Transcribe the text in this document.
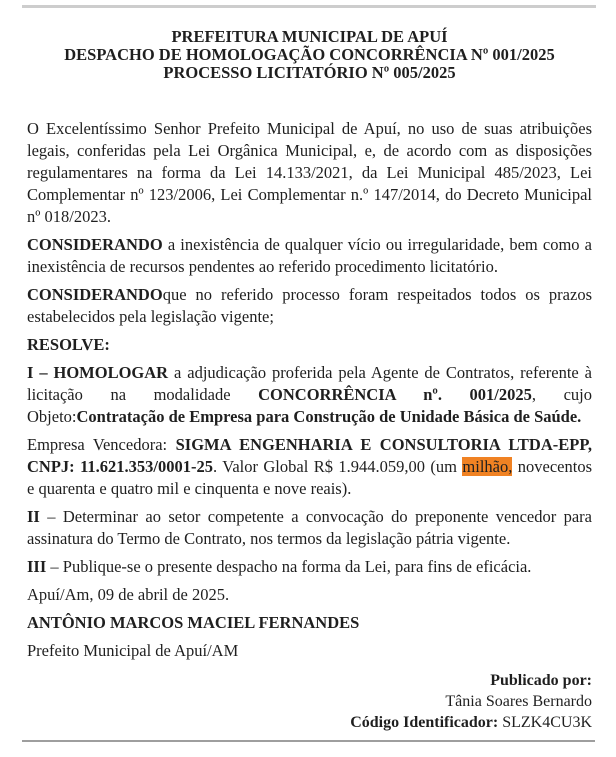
PREFEITURA MUNICIPAL DE APUÍ
DESPACHO DE HOMOLOGAÇÃO CONCORRÊNCIA Nº 001/2025
PROCESSO LICITATÓRIO Nº 005/2025

O Excelentíssimo Senhor Prefeito Municipal de Apuí, no uso de suas atribuições legais, conferidas pela Lei Orgânica Municipal, e, de acordo com as disposições regulamentares na forma da Lei 14.133/2021, da Lei Municipal 485/2023, Lei Complementar nº 123/2006, Lei Complementar n.º 147/2014, do Decreto Municipal nº 018/2023.

CONSIDERANDO a inexistência de qualquer vício ou irregularidade, bem como a inexistência de recursos pendentes ao referido procedimento licitatório.

CONSIDERANDOque no referido processo foram respeitados todos os prazos estabelecidos pela legislação vigente;

RESOLVE:

I – HOMOLOGAR a adjudicação proferida pela Agente de Contratos, referente à licitação na modalidade CONCORRÊNCIA nº. 001/2025, cujo Objeto:Contratação de Empresa para Construção de Unidade Básica de Saúde.

Empresa Vencedora: SIGMA ENGENHARIA E CONSULTORIA LTDA-EPP, CNPJ: 11.621.353/0001-25. Valor Global R$ 1.944.059,00 (um milhão, novecentos e quarenta e quatro mil e cinquenta e nove reais).

II – Determinar ao setor competente a convocação do preponente vencedor para assinatura do Termo de Contrato, nos termos da legislação pátria vigente.

III – Publique-se o presente despacho na forma da Lei, para fins de eficácia.

Apuí/Am, 09 de abril de 2025.

ANTÔNIO MARCOS MACIEL FERNANDES

Prefeito Municipal de Apuí/AM

Publicado por:
Tânia Soares Bernardo
Código Identificador: SLZK4CU3K
